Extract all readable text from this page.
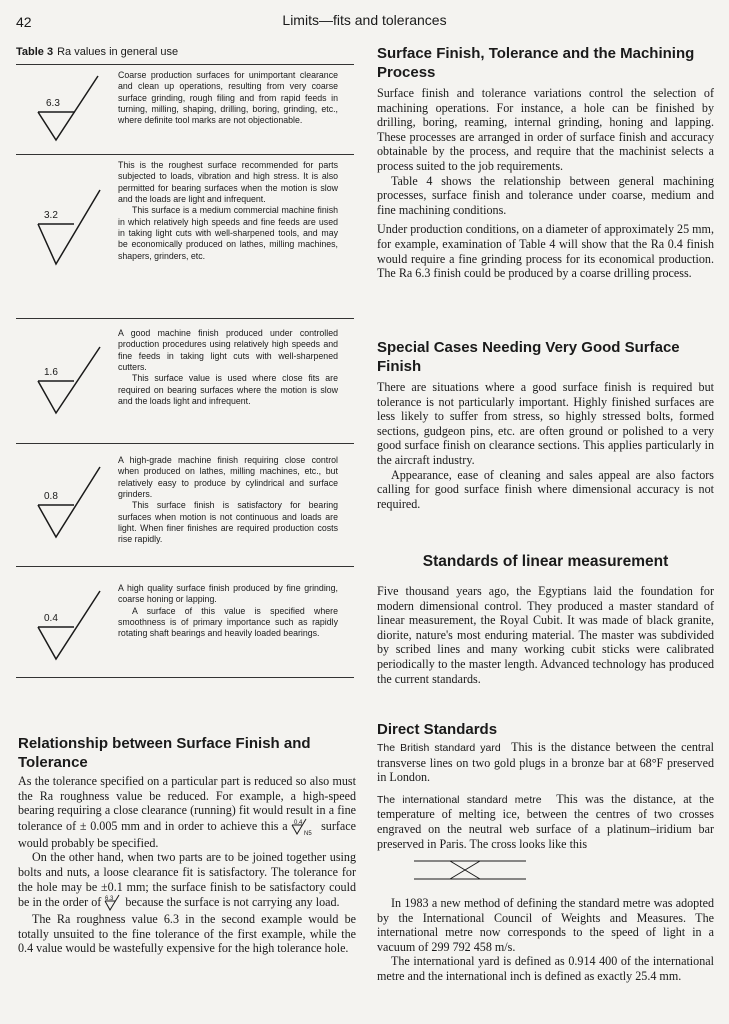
42	Limits—fits and tolerances
Table 3 Ra values in general use
6.3

Coarse production surfaces for unimportant clearance and clean up operations, resulting from very coarse surface grinding, rough filing and from rapid feeds in turning, milling, shaping, drilling, boring, grinding, etc., where definite tool marks are not objectionable.

3.2

This is the roughest surface recommended for parts subjected to loads, vibration and high stress. It is also permitted for bearing surfaces when the motion is slow and the loads are light and infrequent.

This surface is a medium commercial machine finish in which relatively high speeds and fine feeds are used in taking light cuts with well-sharpened tools, and may be economically produced on lathes, milling machines, shapers, grinders, etc.

1.6

A good machine finish produced under controlled production procedures using relatively high speeds and fine feeds in taking light cuts with well-sharpened cutters.

This surface value is used where close fits are required on bearing surfaces where the motion is slow and the loads light and infrequent.

0.8

A high-grade machine finish requiring close control when produced on lathes, milling machines, etc., but relatively easy to produce by cylindrical and surface grinders.

This surface finish is satisfactory for bearing surfaces when motion is not continuous and loads are light. When finer finishes are required production costs rise rapidly.

0.4

A high quality surface finish produced by fine grinding, coarse honing or lapping.

A surface of this value is specified where smoothness is of primary importance such as rapidly rotating shaft bearings and heavily loaded bearings.

Relationship between Surface Finish and Tolerance

As the tolerance specified on a particular part is reduced so also must the Ra roughness value be reduced. For example, a high-speed bearing requiring a close clearance (running) fit would result in a fine tolerance of ± 0.005 mm and in order to achieve this a 0.4
N5
surface would probably be specified.

On the other hand, when two parts are to be joined together using bolts and nuts, a loose clearance fit is satisfactory. The tolerance for the hole may be ±0.1 mm; the surface finish to be satisfactory could be in the order of 6.3 because the surface is not carrying any load.

The Ra roughness value 6.3 in the second example would be totally unsuited to the fine tolerance of the first example, while the 0.4 value would be wastefully expensive for the high tolerance hole.

Surface Finish, Tolerance and the Machining Process

Surface finish and tolerance variations control the selection of machining operations. For instance, a hole can be finished by drilling, boring, reaming, internal grinding, honing and lapping. These processes are arranged in order of surface finish and accuracy obtainable by the process, and require that the machinist selects a process suited to the job requirements.

Table 4 shows the relationship between general machining processes, surface finish and tolerance under coarse, medium and fine machining conditions.

Under production conditions, on a diameter of approximately 25 mm, for example, examination of Table 4 will show that the Ra 0.4 finish would require a fine grinding process for its economical production. The Ra 6.3 finish could be produced by a coarse drilling process.

Special Cases Needing Very Good Surface Finish

There are situations where a good surface finish is required but tolerance is not particularly important. Highly finished surfaces are less likely to suffer from stress, so highly stressed bolts, formed sections, gudgeon pins, etc. are often ground or polished to a very good surface finish on clearance sections. This applies particularly in the aircraft industry.

Appearance, ease of cleaning and sales appeal are also factors calling for good surface finish where dimensional accuracy is not required.

Standards of linear measurement

Five thousand years ago, the Egyptians laid the foundation for modern dimensional control. They produced a master standard of linear measurement, the Royal Cubit. It was made of black granite, diorite, nature's most enduring material. The master was subdivided by scribed lines and many working cubit sticks were calibrated periodically to the master length. Advanced technology has produced the current standards.

Direct Standards

The British standard yard This is the distance between the central transverse lines on two gold plugs in a bronze bar at 68°F preserved in London.

The international standard metre This was the distance, at the temperature of melting ice, between the centres of two crosses engraved on the neutral web surface of a platinum–iridium bar preserved in Paris. The cross looks like this

In 1983 a new method of defining the standard metre was adopted by the International Council of Weights and Measures. The international metre now corresponds to the speed of light in a vacuum of 299 792 458 m/s.

The international yard is defined as 0.914 400 of the international metre and the international inch is defined as exactly 25.4 mm.
